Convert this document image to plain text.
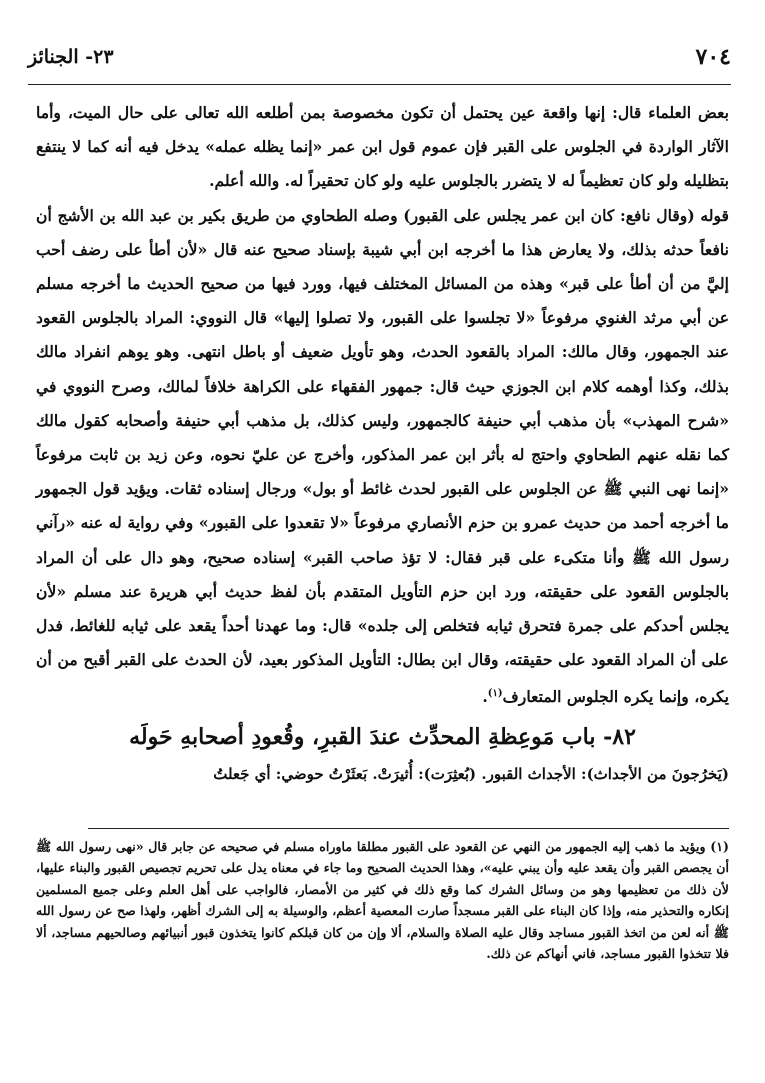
٧٠٤
٢٣- الجنائز

بعض العلماء قال: إنها واقعة عين يحتمل أن تكون مخصوصة بمن أطلعه الله تعالى على حال الميت، وأما الآثار الواردة في الجلوس على القبر فإن عموم قول ابن عمر «إنما يظله عمله» يدخل فيه أنه كما لا ينتفع بتظليله ولو كان تعظيماً له لا يتضرر بالجلوس عليه ولو كان تحقيراً له. والله أعلم.

قوله (وقال نافع: كان ابن عمر يجلس على القبور) وصله الطحاوي من طريق بكير بن عبد الله بن الأشج أن نافعاً حدثه بذلك، ولا يعارض هذا ما أخرجه ابن أبي شيبة بإسناد صحيح عنه قال «لأن أطأ على رضف أحب إليَّ من أن أطأ على قبر» وهذه من المسائل المختلف فيها، وورد فيها من صحيح الحديث ما أخرجه مسلم عن أبي مرثد الغنوي مرفوعاً «لا تجلسوا على القبور، ولا تصلوا إليها» قال النووي: المراد بالجلوس القعود عند الجمهور، وقال مالك: المراد بالقعود الحدث، وهو تأويل ضعيف أو باطل انتهى. وهو يوهم انفراد مالك بذلك، وكذا أوهمه كلام ابن الجوزي حيث قال: جمهور الفقهاء على الكراهة خلافاً لمالك، وصرح النووي في «شرح المهذب» بأن مذهب أبي حنيفة كالجمهور، وليس كذلك، بل مذهب أبي حنيفة وأصحابه كقول مالك كما نقله عنهم الطحاوي واحتج له بأثر ابن عمر المذكور، وأخرج عن عليّ نحوه، وعن زيد بن ثابت مرفوعاً «إنما نهى النبي ﷺ عن الجلوس على القبور لحدث غائط أو بول» ورجال إسناده ثقات. ويؤيد قول الجمهور ما أخرجه أحمد من حديث عمرو بن حزم الأنصاري مرفوعاً «لا تقعدوا على القبور» وفي رواية له عنه «رآني رسول الله ﷺ وأنا متكىء على قبر فقال: لا تؤذ صاحب القبر» إسناده صحيح، وهو دال على أن المراد بالجلوس القعود على حقيقته، ورد ابن حزم التأويل المتقدم بأن لفظ حديث أبي هريرة عند مسلم «لأن يجلس أحدكم على جمرة فتحرق ثيابه فتخلص إلى جلده» قال: وما عهدنا أحداً يقعد على ثيابه للغائط، فدل على أن المراد القعود على حقيقته، وقال ابن بطال: التأويل المذكور بعيد، لأن الحدث على القبر أقبح من أن يكره، وإنما يكره الجلوس المتعارف$^{(١)}$.

٨٢- باب مَوعِظةِ المحدِّث عندَ القبرِ، وقُعودِ أصحابهِ حَولَه

(يَخرُجونَ من الأجداث): الأجداث القبور. (بُعثِرَت): أُثيرَتْ. بَعثَرْتُ حوضي: أي جَعلتُ

(١) ويؤيد ما ذهب إليه الجمهور من النهي عن القعود على القبور مطلقا ماوراه مسلم في صحيحه عن جابر قال «نهى رسول الله ﷺ أن يجصص القبر وأن يقعد عليه وأن يبني عليه»، وهذا الحديث الصحيح وما جاء في معناه يدل على تحريم تجصيص القبور والبناء عليها، لأن ذلك من تعظيمها وهو من وسائل الشرك كما وقع ذلك في كثير من الأمصار، فالواجب على أهل العلم وعلى جميع المسلمين إنكاره والتحذير منه، وإذا كان البناء على القبر مسجداً صارت المعصية أعظم، والوسيلة به إلى الشرك أظهر، ولهذا صح عن رسول الله ﷺ أنه لعن من اتخذ القبور مساجد وقال عليه الصلاة والسلام، ألا وإن من كان قبلكم كانوا يتخذون قبور أنبيائهم وصالحيهم مساجد، ألا فلا تتخذوا القبور مساجد، فاني أنهاكم عن ذلك.
